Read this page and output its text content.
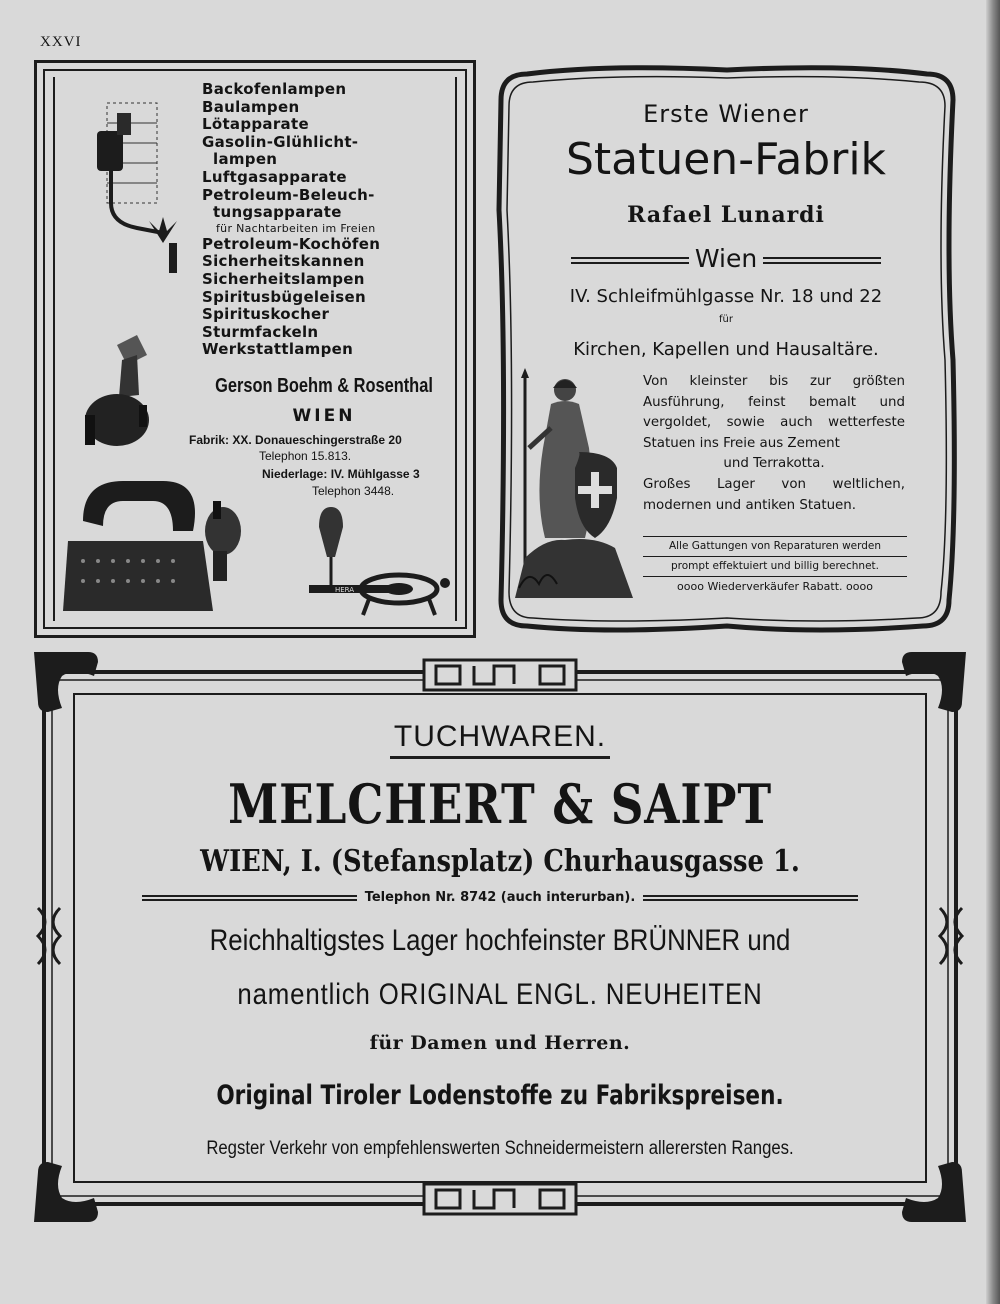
XXVI
HERA
Backofenlampen
Baulampen
Lötapparate
Gasolin-Glühlicht-
lampen
Luftgasapparate
Petroleum-Beleuch-
tungsapparate
für Nachtarbeiten im Freien
Petroleum-Kochöfen
Sicherheitskannen
Sicherheitslampen
Spiritusbügeleisen
Spirituskocher
Sturmfackeln
Werkstattlampen
Gerson Boehm & Rosenthal
WIEN
Fabrik: XX. Donaueschingerstraße 20
Telephon 15.813.
Niederlage: IV. Mühlgasse 3
Telephon 3448.
Erste Wiener
Statuen-Fabrik
Rafael Lunardi
Wien
IV. Schleifmühlgasse Nr. 18 und 22
für
Kirchen, Kapellen und Hausaltäre.
Von kleinster bis zur größten Ausführung, feinst bemalt und vergoldet, sowie auch wetterfeste Statuen ins Freie aus Zement
und Terrakotta.
Großes Lager von weltlichen, modernen und antiken Statuen.
Alle Gattungen von Reparaturen werden
prompt effektuiert und billig berechnet.
oooo Wiederverkäufer Rabatt. oooo
TUCHWAREN.
MELCHERT & SAIPT
WIEN, I. (Stefansplatz) Churhausgasse 1.
Telephon Nr. 8742 (auch interurban).
Reichhaltigstes Lager hochfeinster BRÜNNER und
namentlich ORIGINAL ENGL. NEUHEITEN
für Damen und Herren.
Original Tiroler Lodenstoffe zu Fabrikspreisen.
Regster Verkehr von empfehlenswerten Schneidermeistern allerersten Ranges.
